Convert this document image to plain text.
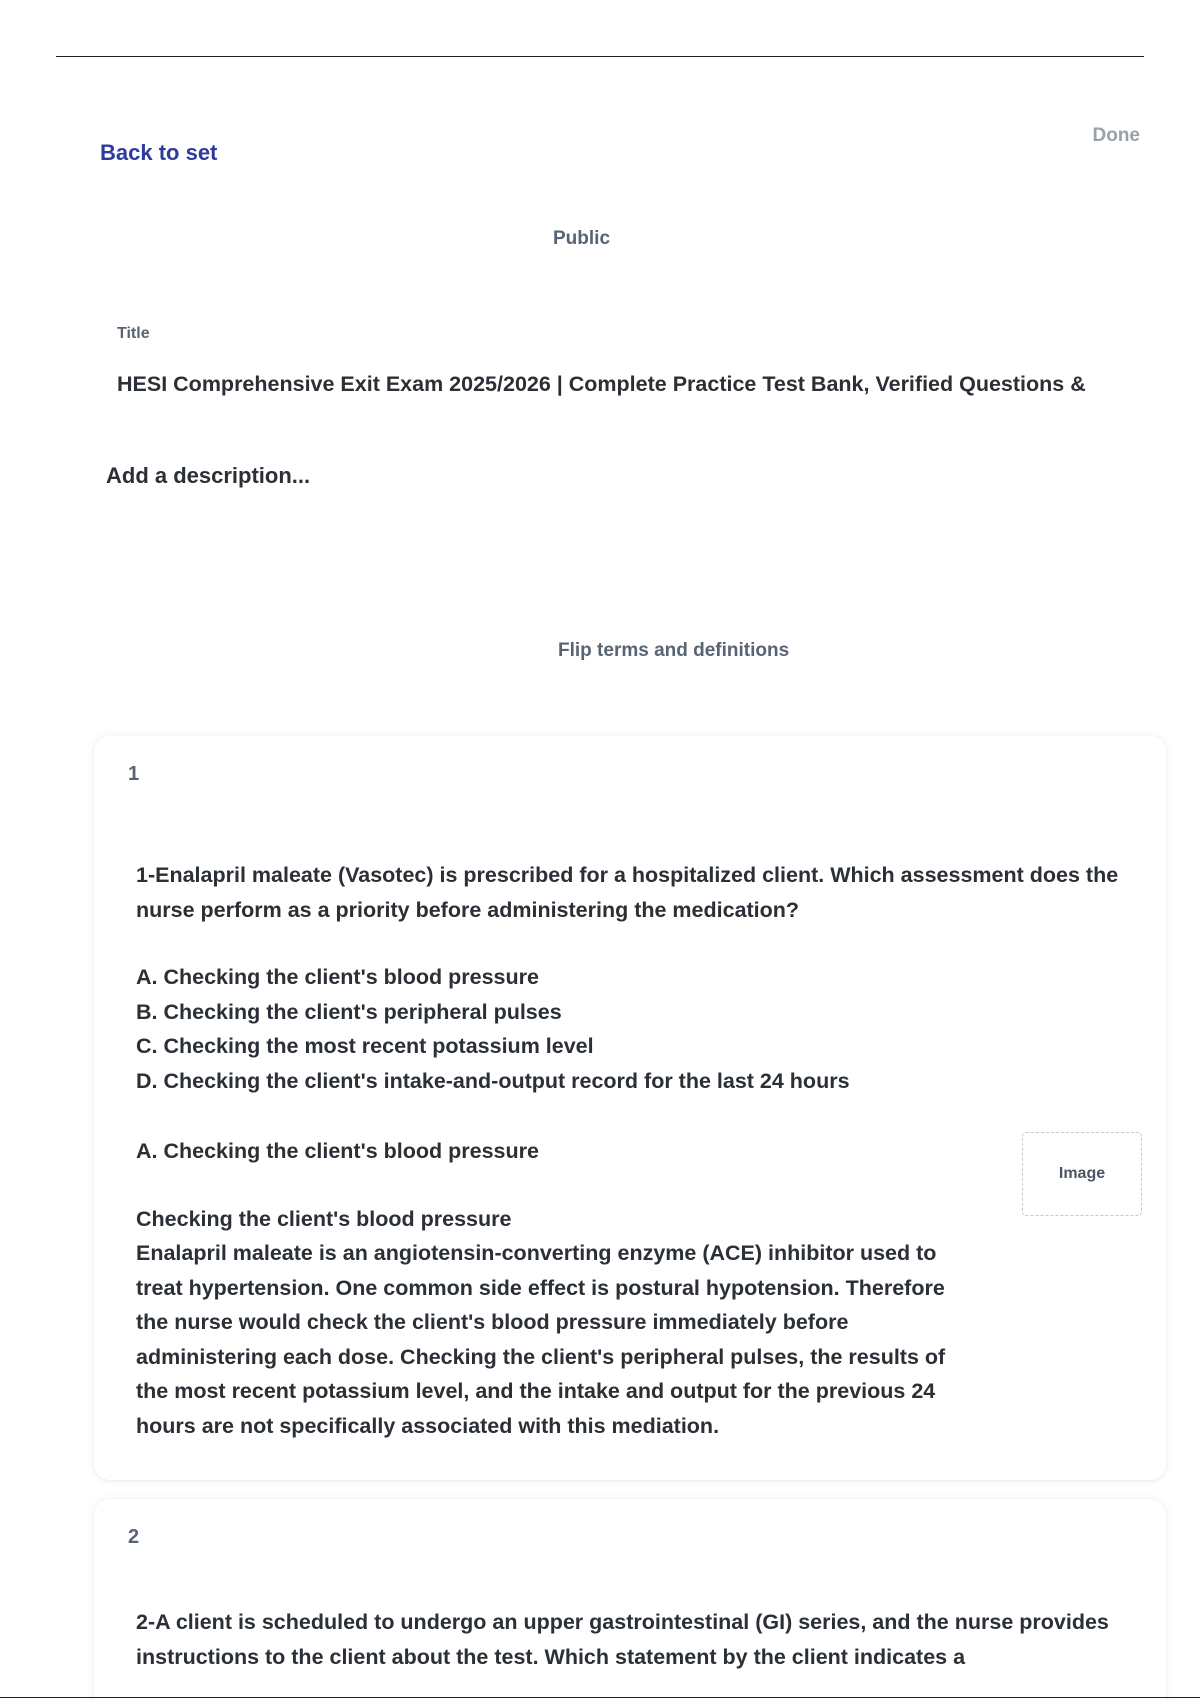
Back to set
Done
Public
Title
HESI Comprehensive Exit Exam 2025/2026 | Complete Practice Test Bank, Verified Questions &
Add a description...
Flip terms and definitions
1
1-Enalapril maleate (Vasotec) is prescribed for a hospitalized client. Which assessment does the nurse perform as a priority before administering the medication?
A. Checking the client's blood pressure
B. Checking the client's peripheral pulses
C. Checking the most recent potassium level
D. Checking the client's intake-and-output record for the last 24 hours
A. Checking the client's blood pressure
Checking the client's blood pressure
Enalapril maleate is an angiotensin-converting enzyme (ACE) inhibitor used to treat hypertension. One common side effect is postural hypotension. Therefore the nurse would check the client's blood pressure immediately before administering each dose. Checking the client's peripheral pulses, the results of the most recent potassium level, and the intake and output for the previous 24 hours are not specifically associated with this mediation.
Image
2
2-A client is scheduled to undergo an upper gastrointestinal (GI) series, and the nurse provides instructions to the client about the test. Which statement by the client indicates a
